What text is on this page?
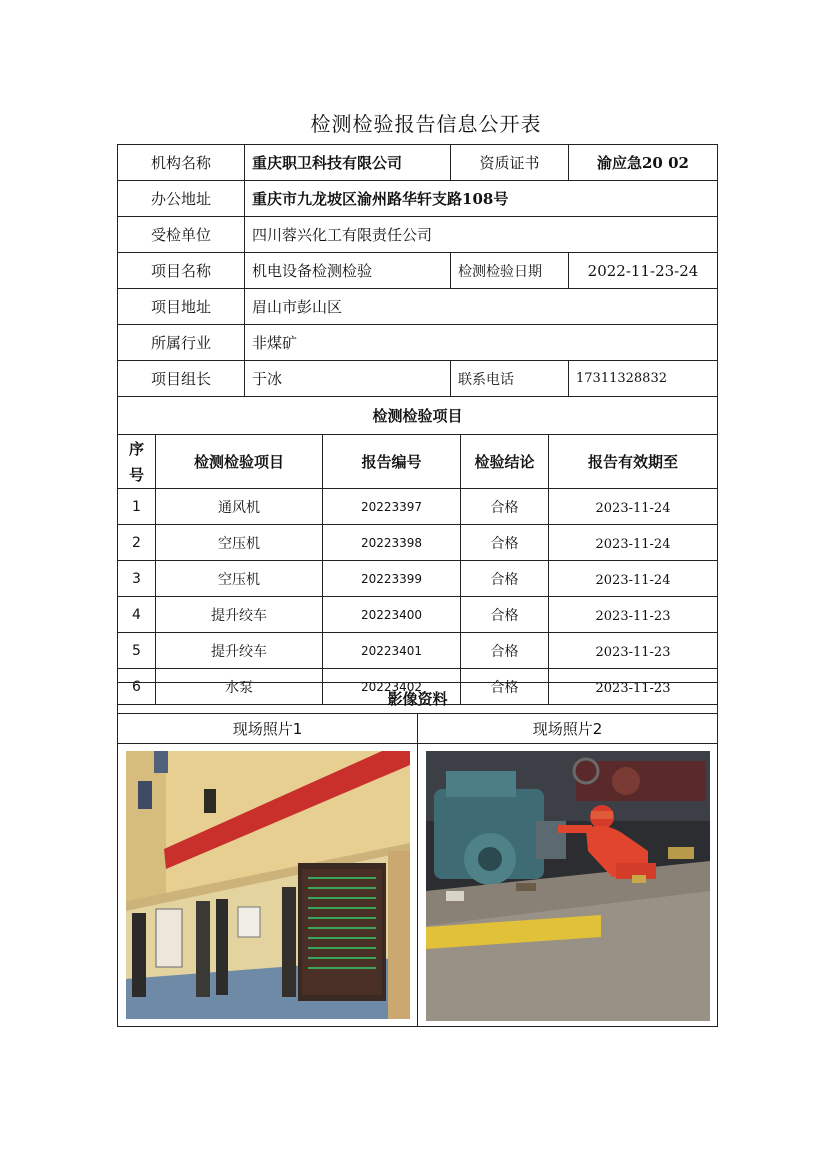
检测检验报告信息公开表
机构名称	重庆职卫科技有限公司	资质证书	渝应急20 02
办公地址	重庆市九龙坡区渝州路华轩支路108号		
受检单位	四川蓉兴化工有限责任公司		
项目名称	机电设备检测检验	检测检验日期	2022-11-23-24
项目地址	眉山市彭山区		
所属行业	非煤矿		
项目组长	于冰	联系电话	17311328832
检测检验项目			
序号	检测检验项目	报告编号	检验结论	报告有效期至
1	通风机	20223397	合格	2023-11-24
2	空压机	20223398	合格	2023-11-24
3	空压机	20223399	合格	2023-11-24
4	提升绞车	20223400	合格	2023-11-23
5	提升绞车	20223401	合格	2023-11-23
6	水泵	20223402	合格	2023-11-23
影像资料	
现场照片1	现场照片2
